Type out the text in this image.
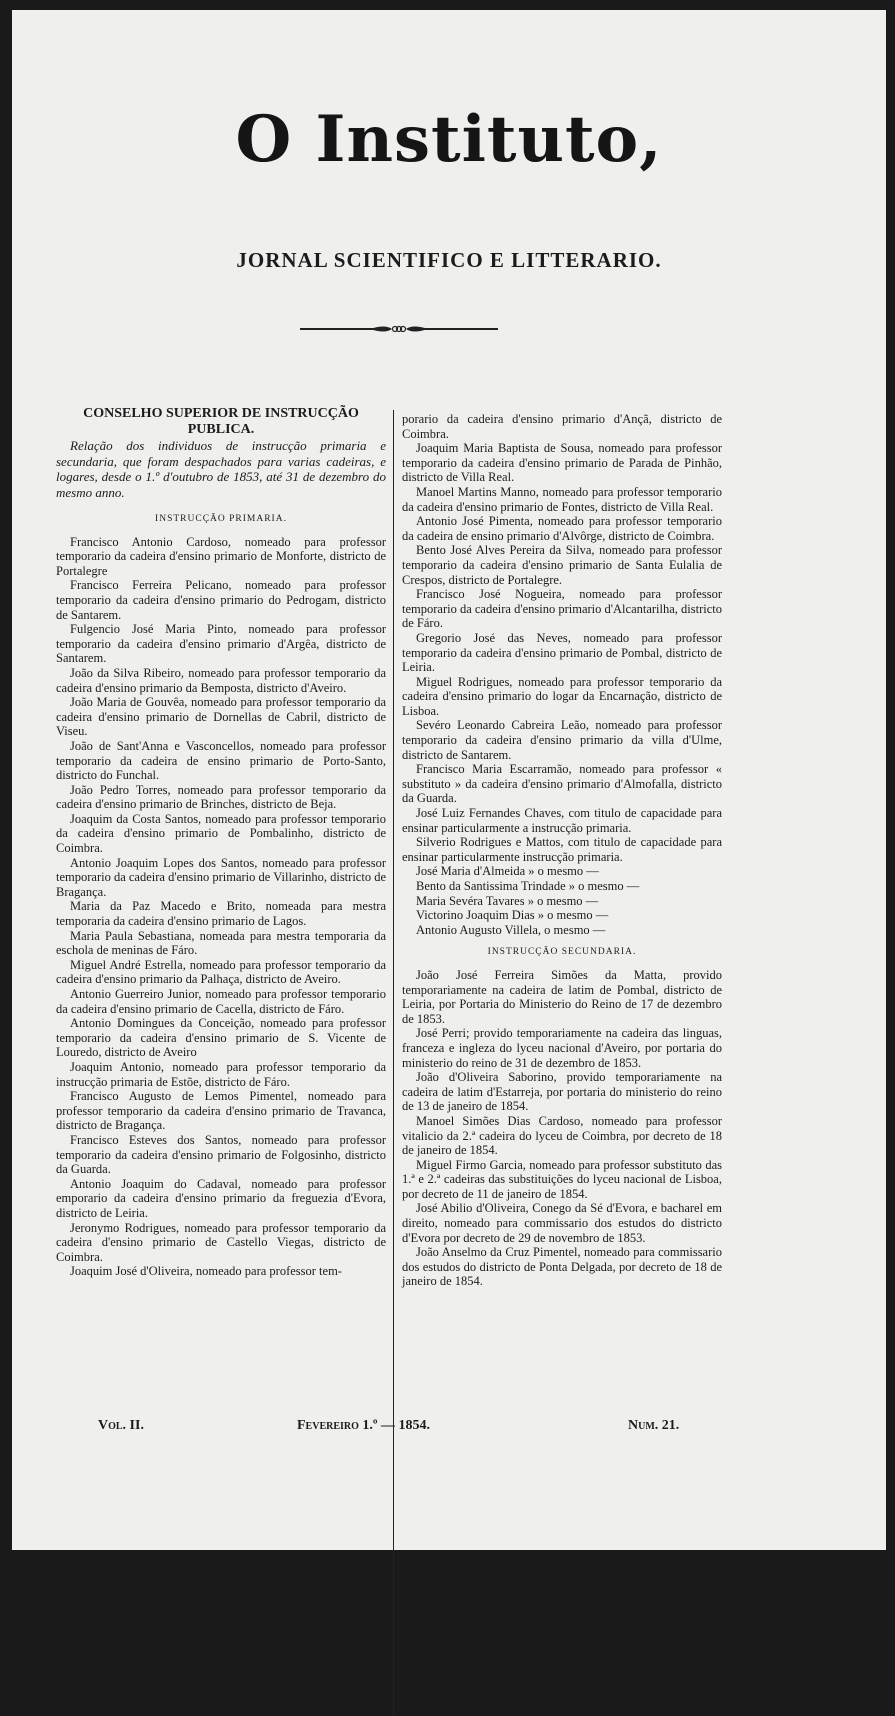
O Instituto,
JORNAL SCIENTIFICO E LITTERARIO.

CONSELHO SUPERIOR DE INSTRUCÇÃO PUBLICA.

Relação dos individuos de instrucção primaria e secundaria, que foram despachados para varias cadeiras, e logares, desde o 1.º d'outubro de 1853, até 31 de dezembro do mesmo anno.

INSTRUCÇÃO PRIMARIA.

Francisco Antonio Cardoso, nomeado para professor temporario da cadeira d'ensino primario de Monforte, districto de Portalegre

Francisco Ferreira Pelicano, nomeado para professor temporario da cadeira d'ensino primario do Pedrogam, districto de Santarem.

Fulgencio José Maria Pinto, nomeado para professor temporario da cadeira d'ensino primario d'Argêa, districto de Santarem.

João da Silva Ribeiro, nomeado para professor temporario da cadeira d'ensino primario da Bemposta, districto d'Aveiro.

João Maria de Gouvêa, nomeado para professor temporario da cadeira d'ensino primario de Dornellas de Cabril, districto de Viseu.

João de Sant'Anna e Vasconcellos, nomeado para professor temporario da cadeira de ensino primario de Porto-Santo, districto do Funchal.

João Pedro Torres, nomeado para professor temporario da cadeira d'ensino primario de Brinches, districto de Beja.

Joaquim da Costa Santos, nomeado para professor temporario da cadeira d'ensino primario de Pombalinho, districto de Coimbra.

Antonio Joaquim Lopes dos Santos, nomeado para professor temporario da cadeira d'ensino primario de Villarinho, districto de Bragança.

Maria da Paz Macedo e Brito, nomeada para mestra temporaria da cadeira d'ensino primario de Lagos.

Maria Paula Sebastiana, nomeada para mestra temporaria da escholа de meninas de Fáro.

Miguel André Estrella, nomeado para professor temporario da cadeira d'ensino primario da Palhaça, districto de Aveiro.

Antonio Guerreiro Junior, nomeado para professor temporario da cadeira d'ensino primario de Cacella, districto de Fáro.

Antonio Domingues da Conceição, nomeado para professor temporario da cadeira d'ensino primario de S. Vicente de Louredo, districto de Aveiro

Joaquim Antonio, nomeado para professor temporario da instrucção primaria de Estõe, districto de Fáro.

Francisco Augusto de Lemos Pimentel, nomeado para professor temporario da cadeira d'ensino primario de Travanca, districto de Bragança.

Francisco Esteves dos Santos, nomeado para professor temporario da cadeira d'ensino primario de Folgosinho, districto da Guarda.

Antonio Joaquim do Cadaval, nomeado para professor emporario da cadeira d'ensino primario da freguezia d'Evora, districto de Leiria.

Jeronymo Rodrigues, nomeado para professor temporario da cadeira d'ensino primario de Castello Viegas, districto de Coimbra.

Joaquim José d'Oliveira, nomeado para professor tem-

porario da cadeira d'ensino primario d'Ançã, districto de Coimbra.

Joaquim Maria Baptista de Sousa, nomeado para professor temporario da cadeira d'ensino primario de Parada de Pinhão, districto de Villa Real.

Manoel Martins Manno, nomeado para professor temporario da cadeira d'ensino primario de Fontes, districto de Villa Real.

Antonio José Pimenta, nomeado para professor temporario da cadeira de ensino primario d'Alvôrge, districto de Coimbra.

Bento José Alves Pereira da Silva, nomeado para professor temporario da cadeira d'ensino primario de Santa Eulalia de Crespos, districto de Portalegre.

Francisco José Nogueira, nomeado para professor temporario da cadeira d'ensino primario d'Alcantarilha, districto de Fáro.

Gregorio José das Neves, nomeado para professor temporario da cadeira d'ensino primario de Pombal, districto de Leiria.

Miguel Rodrigues, nomeado para professor temporario da cadeira d'ensino primario do logar da Encarnação, districto de Lisboa.

Sevéro Leonardo Cabreira Leão, nomeado para professor temporario da cadeira d'ensino primario da villa d'Ulme, districto de Santarem.

Francisco Maria Escarramão, nomeado para professor « substituto » da cadeira d'ensino primario d'Almofalla, districto da Guarda.

José Luiz Fernandes Chaves, com titulo de capacidade para ensinar particularmente a instrucção primaria.

Silverio Rodrigues e Mattos, com titulo de capacidade para ensinar particularmente instrucção primaria.

José Maria d'Almeida » o mesmo —

Bento da Santissima Trindade » o mesmo —

Maria Sevéra Tavares » o mesmo —

Victorino Joaquim Dias » o mesmo —

Antonio Augusto Villela, o mesmo —

INSTRUCÇÃO SECUNDARIA.

João José Ferreira Simões da Matta, provido temporariamente na cadeira de latim de Pombal, districto de Leiria, por Portaria do Ministerio do Reino de 17 de dezembro de 1853.

José Perri; provido temporariamente na cadeira das linguas, franceza e ingleza do lyceu nacional d'Aveiro, por portaria do ministerio do reino de 31 de dezembro de 1853.

João d'Oliveira Saborino, provido temporariamente na cadeira de latim d'Estarreja, por portaria do ministerio do reino de 13 de janeiro de 1854.

Manoel Simões Dias Cardoso, nomeado para professor vitalicio da 2.ª cadeira do lyceu de Coimbra, por decreto de 18 de janeiro de 1854.

Miguel Firmo Garcia, nomeado para professor substituto das 1.ª e 2.ª cadeiras das substituições do lyceu nacional de Lisboa, por decreto de 11 de janeiro de 1854.

José Abilio d'Oliveira, Conego da Sé d'Evora, e bacharel em direito, nomeado para commissario dos estudos do districto d'Evora por decreto de 29 de novembro de 1853.

João Anselmo da Cruz Pimentel, nomeado para commissario dos estudos do districto de Ponta Delgada, por decreto de 18 de janeiro de 1854.

Vol. II.	Fevereiro 1.º — 1854.	Num. 21.
